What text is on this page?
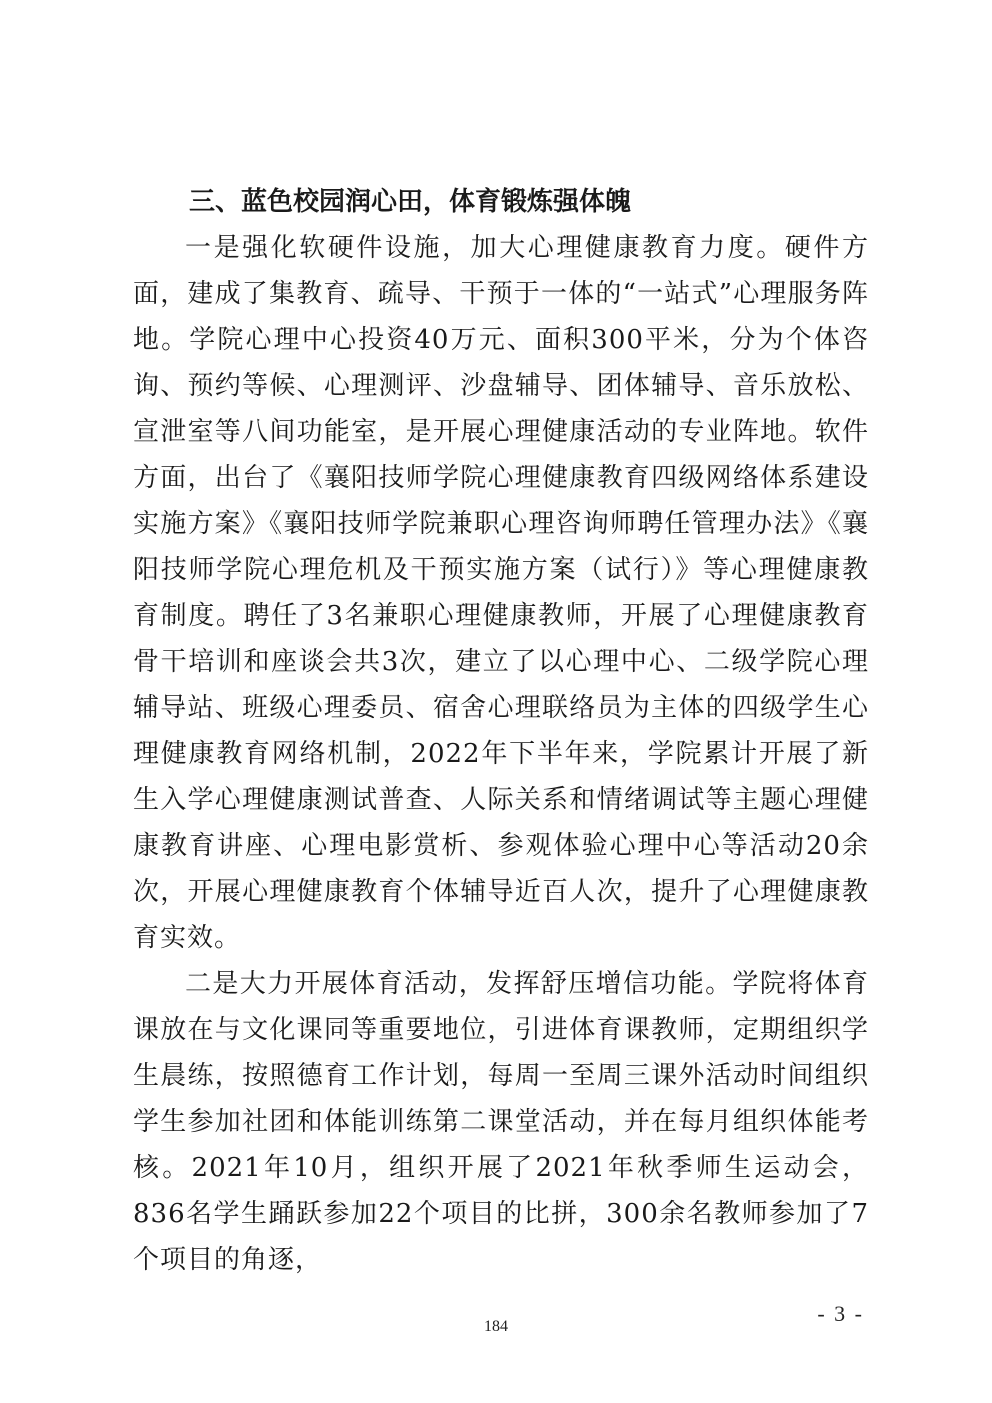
三、蓝色校园润心田，体育锻炼强体魄

一是强化软硬件设施，加大心理健康教育力度。硬件方面，建成了集教育、疏导、干预于一体的“一站式”心理服务阵地。学院心理中心投资40万元、面积300平米，分为个体咨询、预约等候、心理测评、沙盘辅导、团体辅导、音乐放松、宣泄室等八间功能室，是开展心理健康活动的专业阵地。软件方面，出台了《襄阳技师学院心理健康教育四级网络体系建设实施方案》《襄阳技师学院兼职心理咨询师聘任管理办法》《襄阳技师学院心理危机及干预实施方案（试行）》等心理健康教育制度。聘任了3名兼职心理健康教师，开展了心理健康教育骨干培训和座谈会共3次，建立了以心理中心、二级学院心理辅导站、班级心理委员、宿舍心理联络员为主体的四级学生心理健康教育网络机制，2022年下半年来，学院累计开展了新生入学心理健康测试普查、人际关系和情绪调试等主题心理健康教育讲座、心理电影赏析、参观体验心理中心等活动20余次，开展心理健康教育个体辅导近百人次，提升了心理健康教育实效。

二是大力开展体育活动，发挥舒压增信功能。学院将体育课放在与文化课同等重要地位，引进体育课教师，定期组织学生晨练，按照德育工作计划，每周一至周三课外活动时间组织学生参加社团和体能训练第二课堂活动，并在每月组织体能考核。2021年10月，组织开展了2021年秋季师生运动会，836名学生踊跃参加22个项目的比拼，300余名教师参加了7个项目的角逐，

184
- 3 -
